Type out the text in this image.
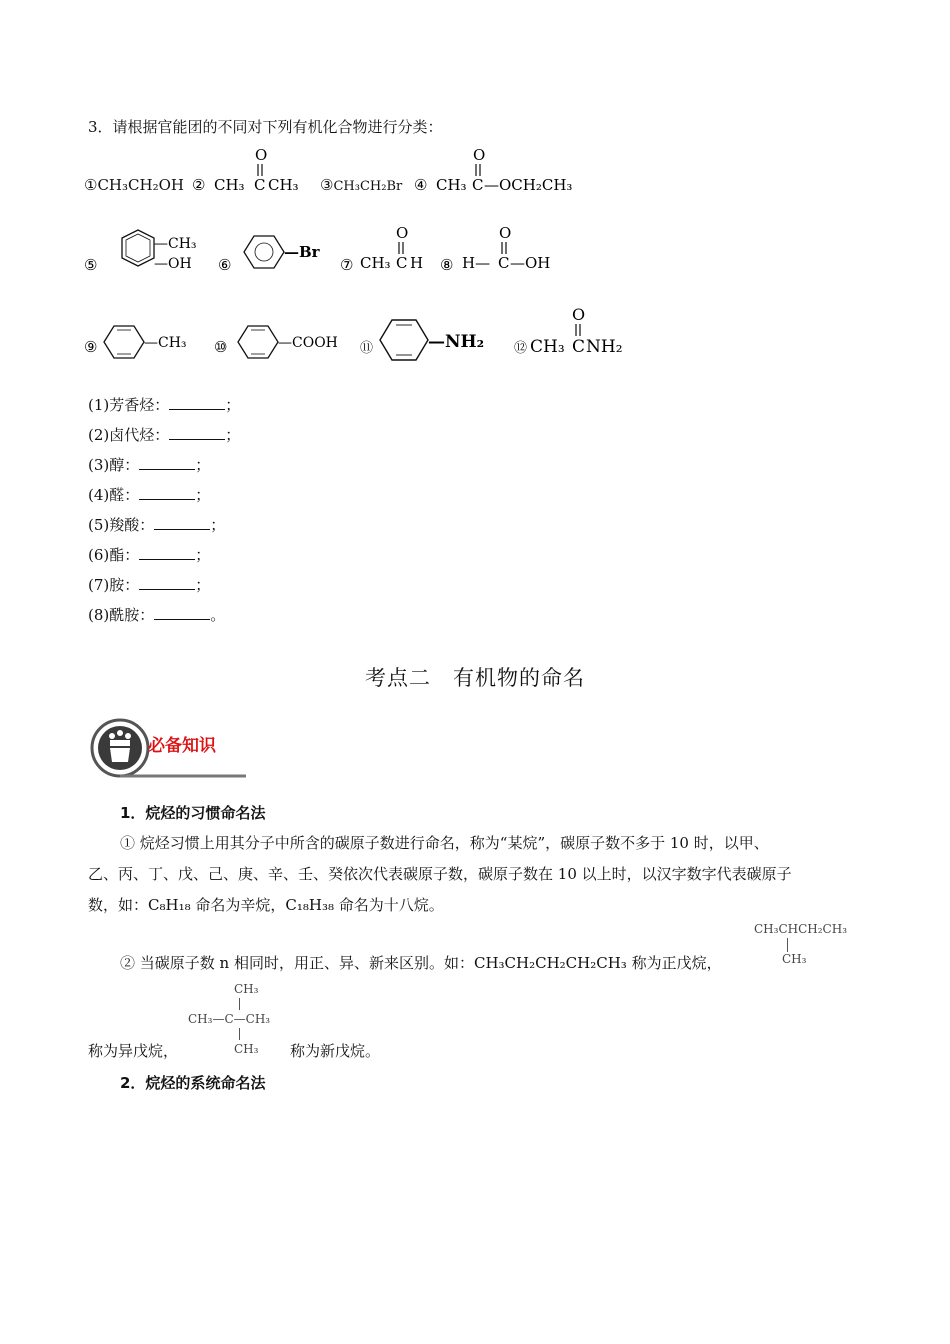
3．请根据官能团的不同对下列有机化合物进行分类：
①CH₃CH₂OH ② CH₃ C CH₃
O
③CH₃CH₂Br ④ CH₃ C —OCH₂CH₃
O
⑤
—CH₃
—OH ⑥
—Br
⑦ CH₃ C H
O
⑧ H— C —OH
O
⑨	—CH₃ ⑩	—COOH ⑪	—NH₂ ⑫ CH₃ C NH₂
O
(1)芳香烃：	；
(2)卤代烃：	；
(3)醇：	；
(4)醛：	；
(5)羧酸：	；
(6)酯：	；
(7)胺：	；
(8)酰胺：	。
考点二　有机物的命名
必备知识
1．烷烃的习惯命名法
① 烷烃习惯上用其分子中所含的碳原子数进行命名，称为“某烷”，碳原子数不多于 10 时，以甲、
乙、丙、丁、戊、己、庚、辛、壬、癸依次代表碳原子数，碳原子数在 10 以上时，以汉字数字代表碳原子
数，如：C₈H₁₈ 命名为辛烷，C₁₈H₃₈ 命名为十八烷。
CH₃CHCH₂CH₃
CH₃
② 当碳原子数 n 相同时，用正、异、新来区别。如：CH₃CH₂CH₂CH₂CH₃ 称为正戊烷，
CH₃
CH₃—C—CH₃
CH₃
称为异戊烷，	称为新戊烷。
2．烷烃的系统命名法
